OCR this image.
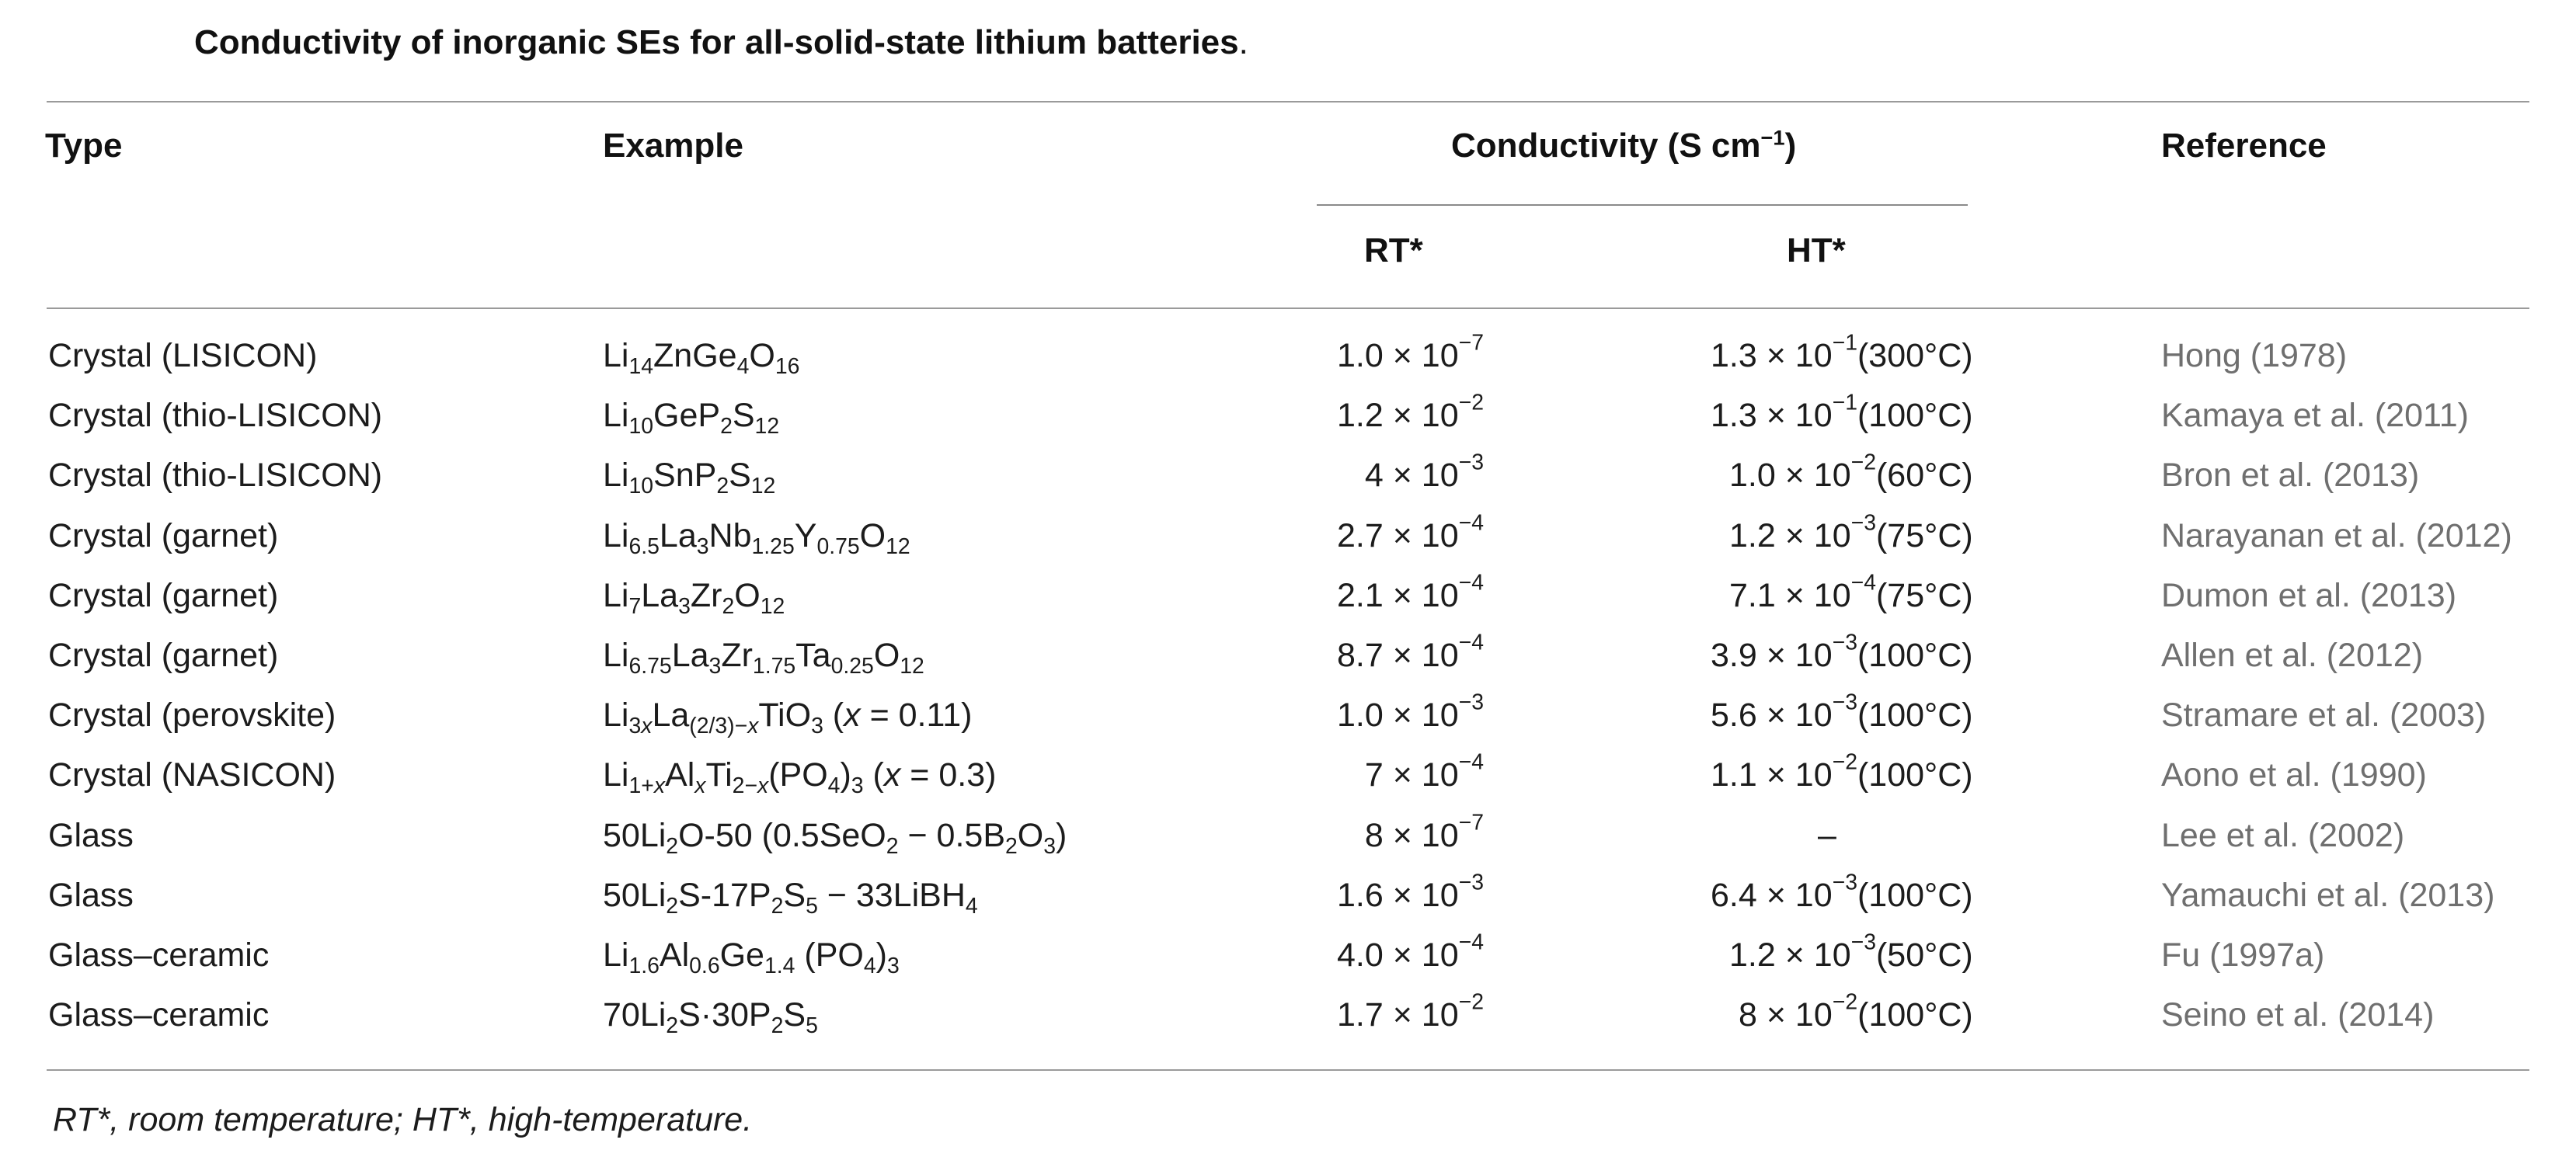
Conductivity of inorganic SEs for all-solid-state lithium batteries.
Type	Example	Conductivity (S $cm^{-1}$)	Reference
RT*	HT*
Crystal (LISICON)	$Li_{14}ZnGe_4O_{16}$	$1.0 \times 10^{-7}$	$1.3 \times 10^{-1}(300^\circ C)$	Hong (1978)
Crystal (thio-LISICON)	$Li_{10}GeP_2S_{12}$	$1.2 \times 10^{-2}$	$1.3 \times 10^{-1}(100^\circ C)$	Kamaya et al. (2011)
Crystal (thio-LISICON)	$Li_{10}SnP_2S_{12}$	$4 \times 10^{-3}$	$1.0 \times 10^{-2}(60^\circ C)$	Bron et al. (2013)
Crystal (garnet)	$Li_{6.5}La_3Nb_{1.25}Y_{0.75}O_{12}$	$2.7 \times 10^{-4}$	$1.2 \times 10^{-3}(75^\circ C)$	Narayanan et al. (2012)
Crystal (garnet)	$Li_7La_3Zr_2O_{12}$	$2.1 \times 10^{-4}$	$7.1 \times 10^{-4}(75^\circ C)$	Dumon et al. (2013)
Crystal (garnet)	$Li_{6.75}La_3Zr_{1.75}Ta_{0.25}O_{12}$	$8.7 \times 10^{-4}$	$3.9 \times 10^{-3}(100^\circ C)$	Allen et al. (2012)
Crystal (perovskite)	$Li_{3x}La_{(2/3)-x}TiO_3$ (x = 0.11)	$1.0 \times 10^{-3}$	$5.6 \times 10^{-3}(100^\circ C)$	Stramare et al. (2003)
Crystal (NASICON)	$Li_{1+x}Al_xTi_{2-x}(PO_4)_3$ (x = 0.3)	$7 \times 10^{-4}$	$1.1 \times 10^{-2}(100^\circ C)$	Aono et al. (1990)
Glass	$50Li_2O-50$ $(0.5SeO_2 - 0.5B_2O_3)$	$8 \times 10^{-7}$	–	Lee et al. (2002)
Glass	$50Li_2S-17P_2S_5$ − 33LiBH$_4$	$1.6 \times 10^{-3}$	$6.4 \times 10^{-3}(100^\circ C)$	Yamauchi et al. (2013)
Glass–ceramic	$Li_{1.6}Al_{0.6}Ge_{1.4}$ $(PO_4)_3$	$4.0 \times 10^{-4}$	$1.2 \times 10^{-3}(50^\circ C)$	Fu (1997a)
Glass–ceramic	$70Li_2S\cdot 30P_2S_5$	$1.7 \times 10^{-2}$	$8 \times 10^{-2}(100^\circ C)$	Seino et al. (2014)
RT*, room temperature; HT*, high-temperature.
